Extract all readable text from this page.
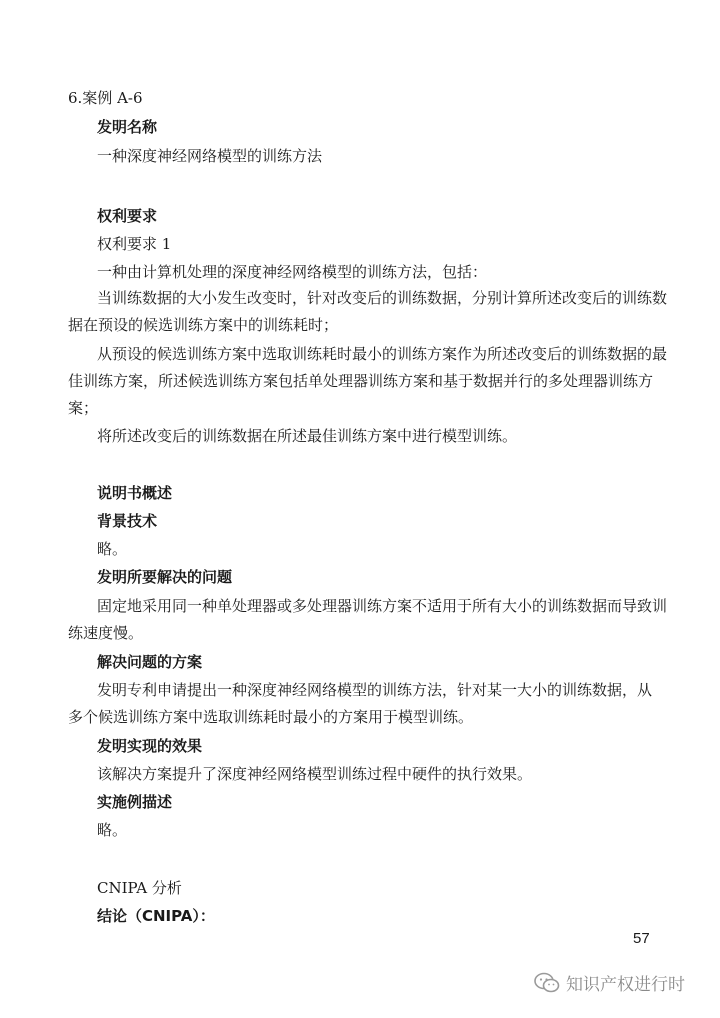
6.案例 A-6
发明名称
一种深度神经网络模型的训练方法
权利要求
权利要求 1
一种由计算机处理的深度神经网络模型的训练方法，包括：
当训练数据的大小发生改变时，针对改变后的训练数据，分别计算所述改变后的训练数
据在预设的候选训练方案中的训练耗时；
从预设的候选训练方案中选取训练耗时最小的训练方案作为所述改变后的训练数据的最
佳训练方案，所述候选训练方案包括单处理器训练方案和基于数据并行的多处理器训练方
案；
将所述改变后的训练数据在所述最佳训练方案中进行模型训练。
说明书概述
背景技术
略。
发明所要解决的问题
固定地采用同一种单处理器或多处理器训练方案不适用于所有大小的训练数据而导致训
练速度慢。
解决问题的方案
发明专利申请提出一种深度神经网络模型的训练方法，针对某一大小的训练数据，从
多个候选训练方案中选取训练耗时最小的方案用于模型训练。
发明实现的效果
该解决方案提升了深度神经网络模型训练过程中硬件的执行效果。
实施例描述
略。
CNIPA 分析
结论（CNIPA）：
57
知识产权进行时
